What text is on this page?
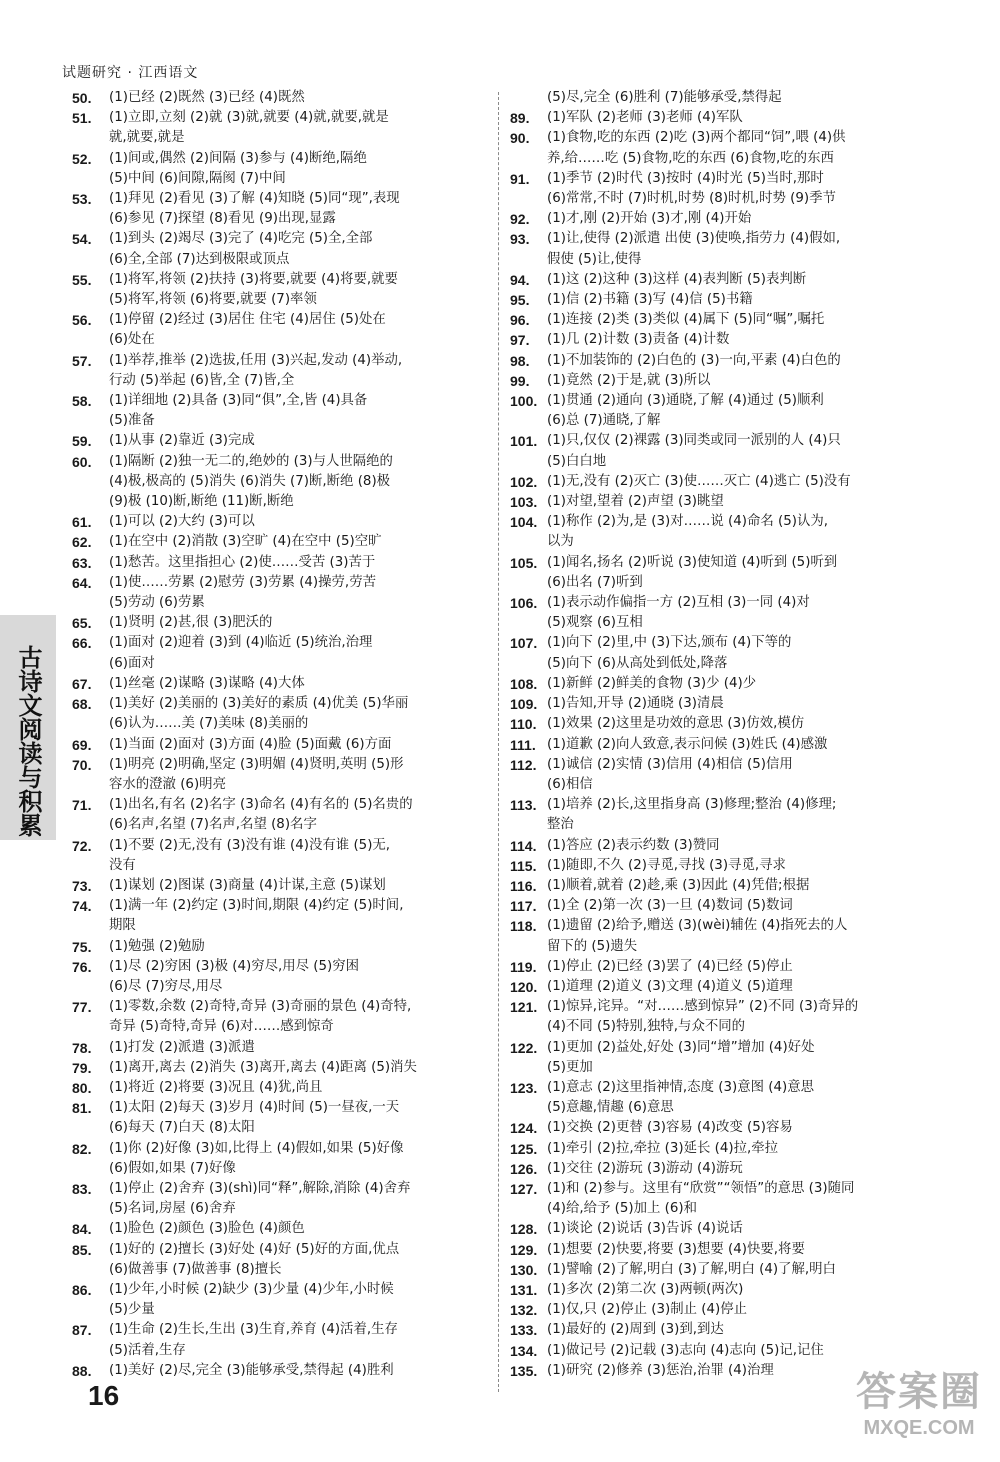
试题研究 · 江西语文
古诗文阅读与积累
50.	(1)已经 (2)既然 (3)已经 (4)既然
51.	(1)立即,立刻 (2)就 (3)就,就要 (4)就,就要,就是
就,就要,就是
52.	(1)间或,偶然 (2)间隔 (3)参与 (4)断绝,隔绝
(5)中间 (6)间隙,隔阂 (7)中间
53.	(1)拜见 (2)看见 (3)了解 (4)知晓 (5)同“现”,表现
(6)参见 (7)探望 (8)看见 (9)出现,显露
54.	(1)到头 (2)竭尽 (3)完了 (4)吃完 (5)全,全部
(6)全,全部 (7)达到极限或顶点
55.	(1)将军,将领 (2)扶持 (3)将要,就要 (4)将要,就要
(5)将军,将领 (6)将要,就要 (7)率领
56.	(1)停留 (2)经过 (3)居住 住宅 (4)居住 (5)处在
(6)处在
57.	(1)举荐,推举 (2)选拔,任用 (3)兴起,发动 (4)举动,
行动 (5)举起 (6)皆,全 (7)皆,全
58.	(1)详细地 (2)具备 (3)同“俱”,全,皆 (4)具备
(5)准备
59.	(1)从事 (2)靠近 (3)完成
60.	(1)隔断 (2)独一无二的,绝妙的 (3)与人世隔绝的
(4)极,极高的 (5)消失 (6)消失 (7)断,断绝 (8)极
(9)极 (10)断,断绝 (11)断,断绝
61.	(1)可以 (2)大约 (3)可以
62.	(1)在空中 (2)消散 (3)空旷 (4)在空中 (5)空旷
63.	(1)愁苦。这里指担心 (2)使……受苦 (3)苦于
64.	(1)使……劳累 (2)慰劳 (3)劳累 (4)操劳,劳苦
(5)劳动 (6)劳累
65.	(1)贤明 (2)甚,很 (3)肥沃的
66.	(1)面对 (2)迎着 (3)到 (4)临近 (5)统治,治理
(6)面对
67.	(1)丝毫 (2)谋略 (3)谋略 (4)大体
68.	(1)美好 (2)美丽的 (3)美好的素质 (4)优美 (5)华丽
(6)认为……美 (7)美味 (8)美丽的
69.	(1)当面 (2)面对 (3)方面 (4)脸 (5)面戴 (6)方面
70.	(1)明亮 (2)明确,坚定 (3)明媚 (4)贤明,英明 (5)形
容水的澄澈 (6)明亮
71.	(1)出名,有名 (2)名字 (3)命名 (4)有名的 (5)名贵的
(6)名声,名望 (7)名声,名望 (8)名字
72.	(1)不要 (2)无,没有 (3)没有谁 (4)没有谁 (5)无,
没有
73.	(1)谋划 (2)图谋 (3)商量 (4)计谋,主意 (5)谋划
74.	(1)满一年 (2)约定 (3)时间,期限 (4)约定 (5)时间,
期限
75.	(1)勉强 (2)勉励
76.	(1)尽 (2)穷困 (3)极 (4)穷尽,用尽 (5)穷困
(6)尽 (7)穷尽,用尽
77.	(1)零数,余数 (2)奇特,奇异 (3)奇丽的景色 (4)奇特,
奇异 (5)奇特,奇异 (6)对……感到惊奇
78.	(1)打发 (2)派遣 (3)派遣
79.	(1)离开,离去 (2)消失 (3)离开,离去 (4)距离 (5)消失
80.	(1)将近 (2)将要 (3)况且 (4)犹,尚且
81.	(1)太阳 (2)每天 (3)岁月 (4)时间 (5)一昼夜,一天
(6)每天 (7)白天 (8)太阳
82.	(1)你 (2)好像 (3)如,比得上 (4)假如,如果 (5)好像
(6)假如,如果 (7)好像
83.	(1)停止 (2)舍弃 (3)(shì)同“释”,解除,消除 (4)舍弃
(5)名词,房屋 (6)舍弃
84.	(1)脸色 (2)颜色 (3)脸色 (4)颜色
85.	(1)好的 (2)擅长 (3)好处 (4)好 (5)好的方面,优点
(6)做善事 (7)做善事 (8)擅长
86.	(1)少年,小时候 (2)缺少 (3)少量 (4)少年,小时候
(5)少量
87.	(1)生命 (2)生长,生出 (3)生育,养育 (4)活着,生存
(5)活着,生存
88.	(1)美好 (2)尽,完全 (3)能够承受,禁得起 (4)胜利
(5)尽,完全 (6)胜利 (7)能够承受,禁得起
89.	(1)军队 (2)老师 (3)老师 (4)军队
90.	(1)食物,吃的东西 (2)吃 (3)两个都同“饲”,喂 (4)供
养,给……吃 (5)食物,吃的东西 (6)食物,吃的东西
91.	(1)季节 (2)时代 (3)按时 (4)时光 (5)当时,那时
(6)常常,不时 (7)时机,时势 (8)时机,时势 (9)季节
92.	(1)才,刚 (2)开始 (3)才,刚 (4)开始
93.	(1)让,使得 (2)派遣 出使 (3)使唤,指劳力 (4)假如,
假使 (5)让,使得
94.	(1)这 (2)这种 (3)这样 (4)表判断 (5)表判断
95.	(1)信 (2)书籍 (3)写 (4)信 (5)书籍
96.	(1)连接 (2)类 (3)类似 (4)属下 (5)同“嘱”,嘱托
97.	(1)几 (2)计数 (3)责备 (4)计数
98.	(1)不加装饰的 (2)白色的 (3)一向,平素 (4)白色的
99.	(1)竟然 (2)于是,就 (3)所以
100. (1)贯通 (2)通向 (3)通晓,了解 (4)通过 (5)顺利
(6)总 (7)通晓,了解
101. (1)只,仅仅 (2)裸露 (3)同类或同一派别的人 (4)只
(5)白白地
102. (1)无,没有 (2)灭亡 (3)使……灭亡 (4)逃亡 (5)没有
103. (1)对望,望着 (2)声望 (3)眺望
104. (1)称作 (2)为,是 (3)对……说 (4)命名 (5)认为,
以为
105. (1)闻名,扬名 (2)听说 (3)使知道 (4)听到 (5)听到
(6)出名 (7)听到
106. (1)表示动作偏指一方 (2)互相 (3)一同 (4)对
(5)观察 (6)互相
107. (1)向下 (2)里,中 (3)下达,颁布 (4)下等的
(5)向下 (6)从高处到低处,降落
108. (1)新鲜 (2)鲜美的食物 (3)少 (4)少
109. (1)告知,开导 (2)通晓 (3)清晨
110. (1)效果 (2)这里是功效的意思 (3)仿效,模仿
111. (1)道歉 (2)向人致意,表示问候 (3)姓氏 (4)感激
112. (1)诚信 (2)实情 (3)信用 (4)相信 (5)信用
(6)相信
113. (1)培养 (2)长,这里指身高 (3)修理;整治 (4)修理;
整治
114. (1)答应 (2)表示约数 (3)赞同
115. (1)随即,不久 (2)寻觅,寻找 (3)寻觅,寻求
116. (1)顺着,就着 (2)趁,乘 (3)因此 (4)凭借;根据
117. (1)全 (2)第一次 (3)一旦 (4)数词 (5)数词
118. (1)遗留 (2)给予,赠送 (3)(wèi)辅佐 (4)指死去的人
留下的 (5)遗失
119. (1)停止 (2)已经 (3)罢了 (4)已经 (5)停止
120. (1)道理 (2)道义 (3)文理 (4)道义 (5)道理
121. (1)惊异,诧异。“对……感到惊异” (2)不同 (3)奇异的
(4)不同 (5)特别,独特,与众不同的
122. (1)更加 (2)益处,好处 (3)同“增”增加 (4)好处
(5)更加
123. (1)意志 (2)这里指神情,态度 (3)意图 (4)意思
(5)意趣,情趣 (6)意思
124. (1)交换 (2)更替 (3)容易 (4)改变 (5)容易
125. (1)牵引 (2)拉,牵拉 (3)延长 (4)拉,牵拉
126. (1)交往 (2)游玩 (3)游动 (4)游玩
127. (1)和 (2)参与。这里有“欣赏”“领悟”的意思 (3)随同
(4)给,给予 (5)加上 (6)和
128. (1)谈论 (2)说话 (3)告诉 (4)说话
129. (1)想要 (2)快要,将要 (3)想要 (4)快要,将要
130. (1)譬喻 (2)了解,明白 (3)了解,明白 (4)了解,明白
131. (1)多次 (2)第二次 (3)两顿(两次)
132. (1)仅,只 (2)停止 (3)制止 (4)停止
133. (1)最好的 (2)周到 (3)到,到达
134. (1)做记号 (2)记载 (3)志向 (4)志向 (5)记,记住
135. (1)研究 (2)修养 (3)惩治,治罪 (4)治理
16	答案圈
MXQE.COM
